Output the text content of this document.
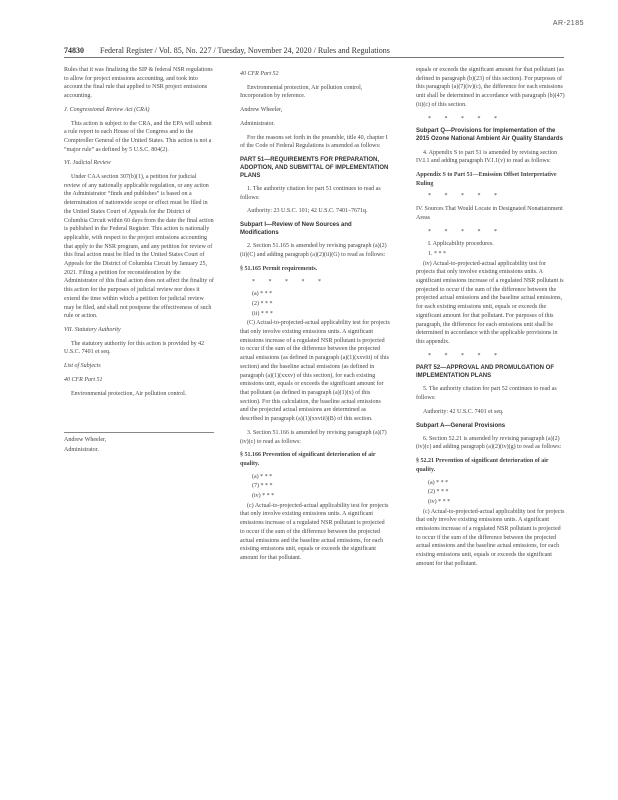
AR-2185
74830 Federal Register / Vol. 85, No. 227 / Tuesday, November 24, 2020 / Rules and Regulations

Rules that it was finalizing the SIP & federal NSR regulations to allow for project emissions accounting, and took into account the final rule that applied to NSR project emissions accounting.

J. Congressional Review Act (CRA)

This action is subject to the CRA, and the EPA will submit a rule report to each House of the Congress and to the Comptroller General of the United States. This action is not a “major rule” as defined by 5 U.S.C. 804(2).

VI. Judicial Review

Under CAA section 307(b)(1), a petition for judicial review of any nationally applicable regulation, or any action the Administrator “finds and publishes” is based on a determination of nationwide scope or effect must be filed in the United States Court of Appeals for the District of Columbia Circuit within 60 days from the date the final action is published in the Federal Register. This action is nationally applicable, with respect to the project emissions accounting that apply to the NSR program, and any petition for review of this final action must be filed in the United States Court of Appeals for the District of Columbia Circuit by January 25, 2021. Filing a petition for reconsideration by the Administrator of this final action does not affect the finality of this action for the purposes of judicial review nor does it extend the time within which a petition for judicial review may be filed, and shall not postpone the effectiveness of such rule or action.

VII. Statutory Authority

The statutory authority for this action is provided by 42 U.S.C. 7401 et seq.

List of Subjects
40 CFR Part 51

Environmental protection, Air pollution control.

Andrew Wheeler,
Administrator.
40 CFR Part 52

Environmental protection, Air pollution control, Incorporation by reference.

Andrew Wheeler,

Administrator.

For the reasons set forth in the preamble, title 40, chapter I of the Code of Federal Regulations is amended as follows:

PART 51—REQUIREMENTS FOR PREPARATION, ADOPTION, AND SUBMITTAL OF IMPLEMENTATION PLANS

1. The authority citation for part 51 continues to read as follows:

Authority: 23 U.S.C. 101; 42 U.S.C. 7401–7671q.

Subpart I—Review of New Sources and Modifications

2. Section 51.165 is amended by revising paragraph (a)(2)(ii)(C) and adding paragraph (a)(2)(ii)(G) to read as follows:

§ 51.165 Permit requirements.

* * * * *

(a) * * *

(2) * * *

(ii) * * *

(C) Actual-to-projected-actual applicability test for projects that only involve existing emissions units. A significant emissions increase of a regulated NSR pollutant is projected to occur if the sum of the difference between the projected actual emissions (as defined in paragraph (a)(1)(xxviii) of this section) and the baseline actual emissions (as defined in paragraph (a)(1)(xxxv) of this section), for each existing emissions unit, equals or exceeds the significant amount for that pollutant (as defined in paragraph (a)(1)(x) of this section). For this calculation, the baseline actual emissions and the projected actual emissions are determined as described in paragraph (a)(1)(xxviii)(B) of this section.

3. Section 51.166 is amended by revising paragraph (a)(7)(iv)(c) to read as follows:

§ 51.166 Prevention of significant deterioration of air quality.

(a) * * *

(7) * * *

(iv) * * *

(c) Actual-to-projected-actual applicability test for projects that only involve existing emissions units. A significant emissions increase of a regulated NSR pollutant is projected to occur if the sum of the difference between the projected actual emissions and the baseline actual emissions, for each existing emissions unit, equals or exceeds the significant amount for that pollutant.

equals or exceeds the significant amount for that pollutant (as defined in paragraph (b)(23) of this section). For purposes of this paragraph (a)(7)(iv)(c), the difference for each emissions unit shall be determined in accordance with paragraph (b)(47)(ii)(c) of this section.

* * * * *
Subpart Q—Provisions for Implementation of the 2015 Ozone National Ambient Air Quality Standards

4. Appendix S to part 51 is amended by revising section IV.I.1 and adding paragraph IV.I.1(v) to read as follows:

Appendix S to Part 51—Emission Offset Interpretative Ruling

* * * * *

IV. Sources That Would Locate in Designated Nonattainment Areas

* * * * *

I. Applicability procedures.

1. * * *

(iv) Actual-to-projected-actual applicability test for projects that only involve existing emissions units. A significant emissions increase of a regulated NSR pollutant is projected to occur if the sum of the difference between the projected actual emissions and the baseline actual emissions, for each existing emissions unit, equals or exceeds the significant amount for that pollutant. For purposes of this paragraph, the difference for each emissions unit shall be determined in accordance with the applicable provisions in this appendix.

* * * * *
PART 52—APPROVAL AND PROMULGATION OF IMPLEMENTATION PLANS

5. The authority citation for part 52 continues to read as follows:

Authority: 42 U.S.C. 7401 et seq.

Subpart A—General Provisions

6. Section 52.21 is amended by revising paragraph (a)(2)(iv)(c) and adding paragraph (a)(2)(iv)(g) to read as follows:

§ 52.21 Prevention of significant deterioration of air quality.

(a) * * *

(2) * * *

(iv) * * *

(c) Actual-to-projected-actual applicability test for projects that only involve existing emissions units. A significant emissions increase of a regulated NSR pollutant is projected to occur if the sum of the difference between the projected actual emissions and the baseline actual emissions, for each existing emissions unit, equals or exceeds the significant amount for that pollutant.
